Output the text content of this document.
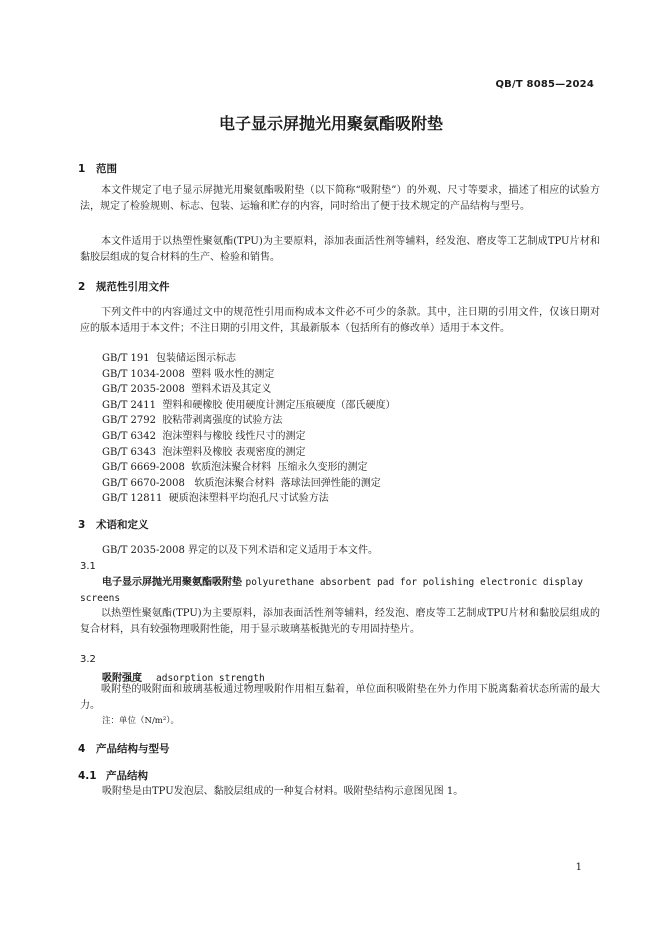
QB/T 8085—2024
电子显示屏抛光用聚氨酯吸附垫
1 范围
本文件规定了电子显示屏抛光用聚氨酯吸附垫（以下简称“吸附垫”）的外观、尺寸等要求，描述了相应的试验方法，规定了检验规则、标志、包装、运输和贮存的内容，同时给出了便于技术规定的产品结构与型号。
本文件适用于以热塑性聚氨酯(TPU)为主要原料，添加表面活性剂等辅料，经发泡、磨皮等工艺制成TPU片材和黏胶层组成的复合材料的生产、检验和销售。
2 规范性引用文件
下列文件中的内容通过文中的规范性引用而构成本文件必不可少的条款。其中，注日期的引用文件，仅该日期对应的版本适用于本文件；不注日期的引用文件，其最新版本（包括所有的修改单）适用于本文件。
GB/T 191  包装储运图示标志
GB/T 1034-2008  塑料 吸水性的测定
GB/T 2035-2008  塑料术语及其定义
GB/T 2411  塑料和硬橡胶 使用硬度计测定压痕硬度（邵氏硬度）
GB/T 2792  胶粘带剥离强度的试验方法
GB/T 6342  泡沫塑料与橡胶 线性尺寸的测定
GB/T 6343  泡沫塑料及橡胶 表观密度的测定
GB/T 6669-2008  软质泡沫聚合材料  压缩永久变形的测定
GB/T 6670-2008   软质泡沫聚合材料  落球法回弹性能的测定
GB/T 12811  硬质泡沫塑料平均泡孔尺寸试验方法
3 术语和定义
GB/T 2035-2008 界定的以及下列术语和定义适用于本文件。
3.1
电子显示屏抛光用聚氨酯吸附垫 polyurethane absorbent pad for polishing electronic display screens
以热塑性聚氨酯(TPU)为主要原料，添加表面活性剂等辅料，经发泡、磨皮等工艺制成TPU片材和黏胶层组成的复合材料，具有较强物理吸附性能，用于显示玻璃基板抛光的专用固持垫片。
3.2
吸附强度 adsorption strength
吸附垫的吸附面和玻璃基板通过物理吸附作用相互黏着，单位面积吸附垫在外力作用下脱离黏着状态所需的最大力。
注：单位（N/m²）。
4 产品结构与型号
4.1 产品结构
吸附垫是由TPU发泡层、黏胶层组成的一种复合材料。吸附垫结构示意图见图 1。
1
